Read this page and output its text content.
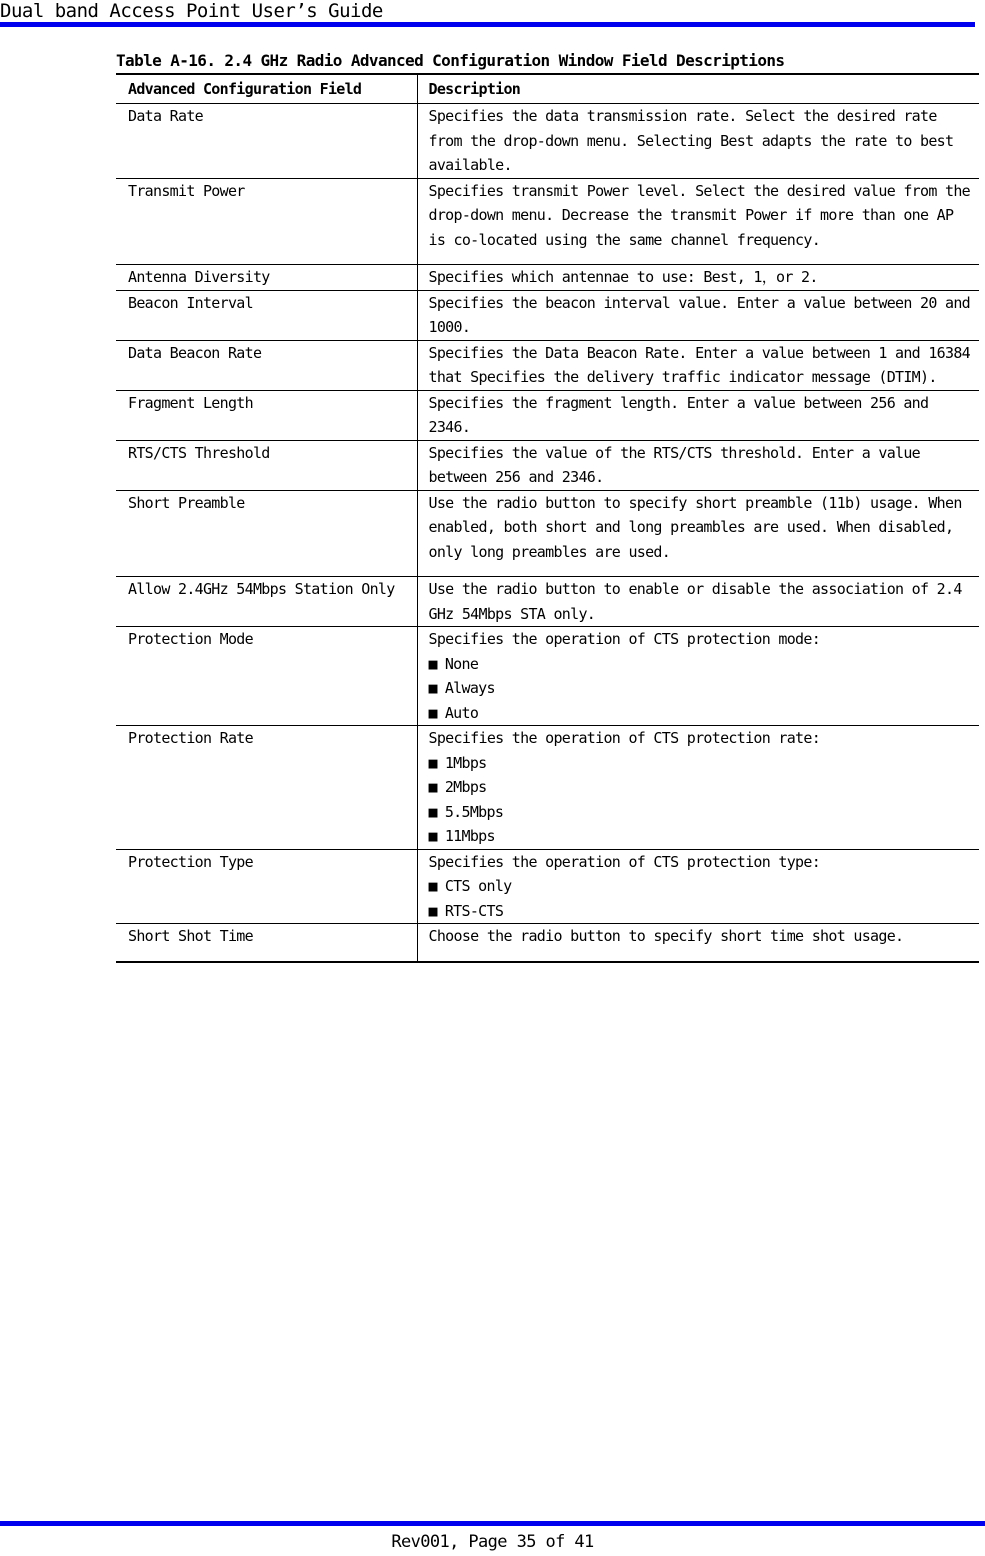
Dual band Access Point User’s Guide
Table A-16. 2.4 GHz Radio Advanced Configuration Window Field Descriptions
Advanced Configuration Field	Description
Data Rate	Specifies the data transmission rate. Select the desired rate from the drop-down menu. Selecting Best adapts the rate to best available.
Transmit Power	Specifies transmit Power level. Select the desired value from the drop-down menu. Decrease the transmit Power if more than one AP is co-located using the same channel frequency.
Antenna Diversity	Specifies which antennae to use: Best, 1，or 2.
Beacon Interval	Specifies the beacon interval value. Enter a value between 20 and 1000.
Data Beacon Rate	Specifies the Data Beacon Rate. Enter a value between 1 and 16384 that Specifies the delivery traffic indicator message (DTIM).
Fragment Length	Specifies the fragment length. Enter a value between 256 and 2346.
RTS/CTS Threshold	Specifies the value of the RTS/CTS threshold. Enter a value between 256 and 2346.
Short Preamble	Use the radio button to specify short preamble (11b) usage. When enabled, both short and long preambles are used. When disabled, only long preambles are used.
Allow 2.4GHz 54Mbps Station Only	Use the radio button to enable or disable the association of 2.4 GHz 54Mbps STA only.
Protection Mode	Specifies the operation of CTS protection mode:
■ None
■ Always
■ Auto

Protection Rate	Specifies the operation of CTS protection rate:
■ 1Mbps
■ 2Mbps
■ 5.5Mbps
■ 11Mbps

Protection Type	Specifies the operation of CTS protection type:
■ CTS only
■ RTS-CTS

Short Shot Time	Choose the radio button to specify short time shot usage.
Rev001, Page 35 of 41
